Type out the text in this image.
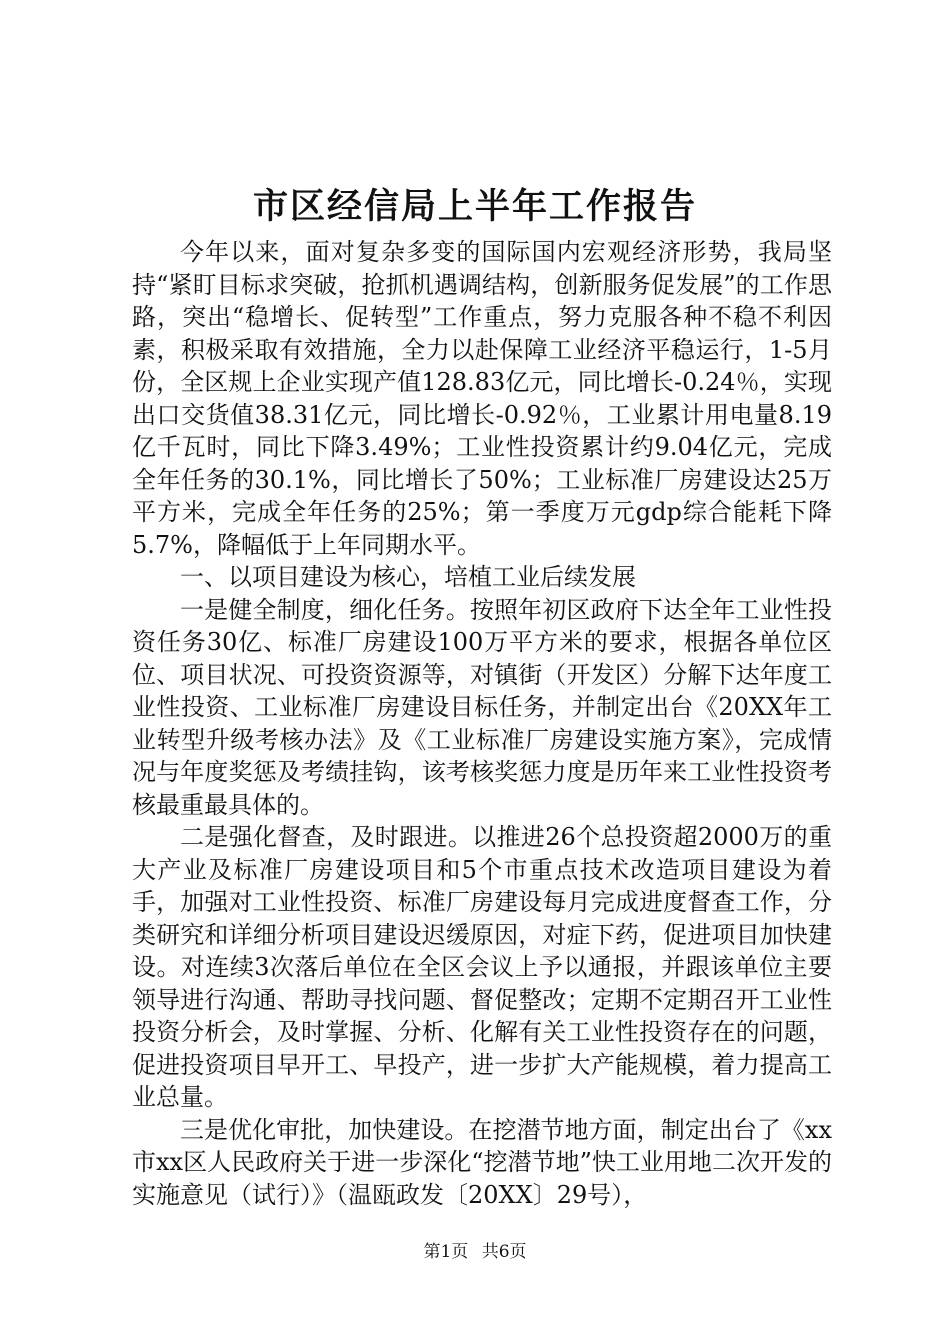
市区经信局上半年工作报告

今年以来，面对复杂多变的国际国内宏观经济形势，我局坚持“紧盯目标求突破，抢抓机遇调结构，创新服务促发展”的工作思路，突出“稳增长、促转型”工作重点，努力克服各种不稳不利因素，积极采取有效措施，全力以赴保障工业经济平稳运行，1-5月份，全区规上企业实现产值128.83亿元，同比增长-0.24％，实现出口交货值38.31亿元，同比增长-0.92％，工业累计用电量8.19亿千瓦时，同比下降3.49%；工业性投资累计约9.04亿元，完成全年任务的30.1%，同比增长了50%；工业标准厂房建设达25万平方米，完成全年任务的25%；第一季度万元gdp综合能耗下降5.7%，降幅低于上年同期水平。

一、以项目建设为核心，培植工业后续发展

一是健全制度，细化任务。按照年初区政府下达全年工业性投资任务30亿、标准厂房建设100万平方米的要求，根据各单位区位、项目状况、可投资资源等，对镇街（开发区）分解下达年度工业性投资、工业标准厂房建设目标任务，并制定出台《20XX年工业转型升级考核办法》及《工业标准厂房建设实施方案》，完成情况与年度奖惩及考绩挂钩，该考核奖惩力度是历年来工业性投资考核最重最具体的。

二是强化督查，及时跟进。以推进26个总投资超2000万的重大产业及标准厂房建设项目和5个市重点技术改造项目建设为着手，加强对工业性投资、标准厂房建设每月完成进度督查工作，分类研究和详细分析项目建设迟缓原因，对症下药，促进项目加快建设。对连续3次落后单位在全区会议上予以通报，并跟该单位主要领导进行沟通、帮助寻找问题、督促整改；定期不定期召开工业性投资分析会，及时掌握、分析、化解有关工业性投资存在的问题，促进投资项目早开工、早投产，进一步扩大产能规模，着力提高工业总量。

三是优化审批，加快建设。在挖潜节地方面，制定出台了《xx市xx区人民政府关于进一步深化“挖潜节地”快工业用地二次开发的实施意见（试行）》（温瓯政发〔20XX〕29号），

第1页 共6页
